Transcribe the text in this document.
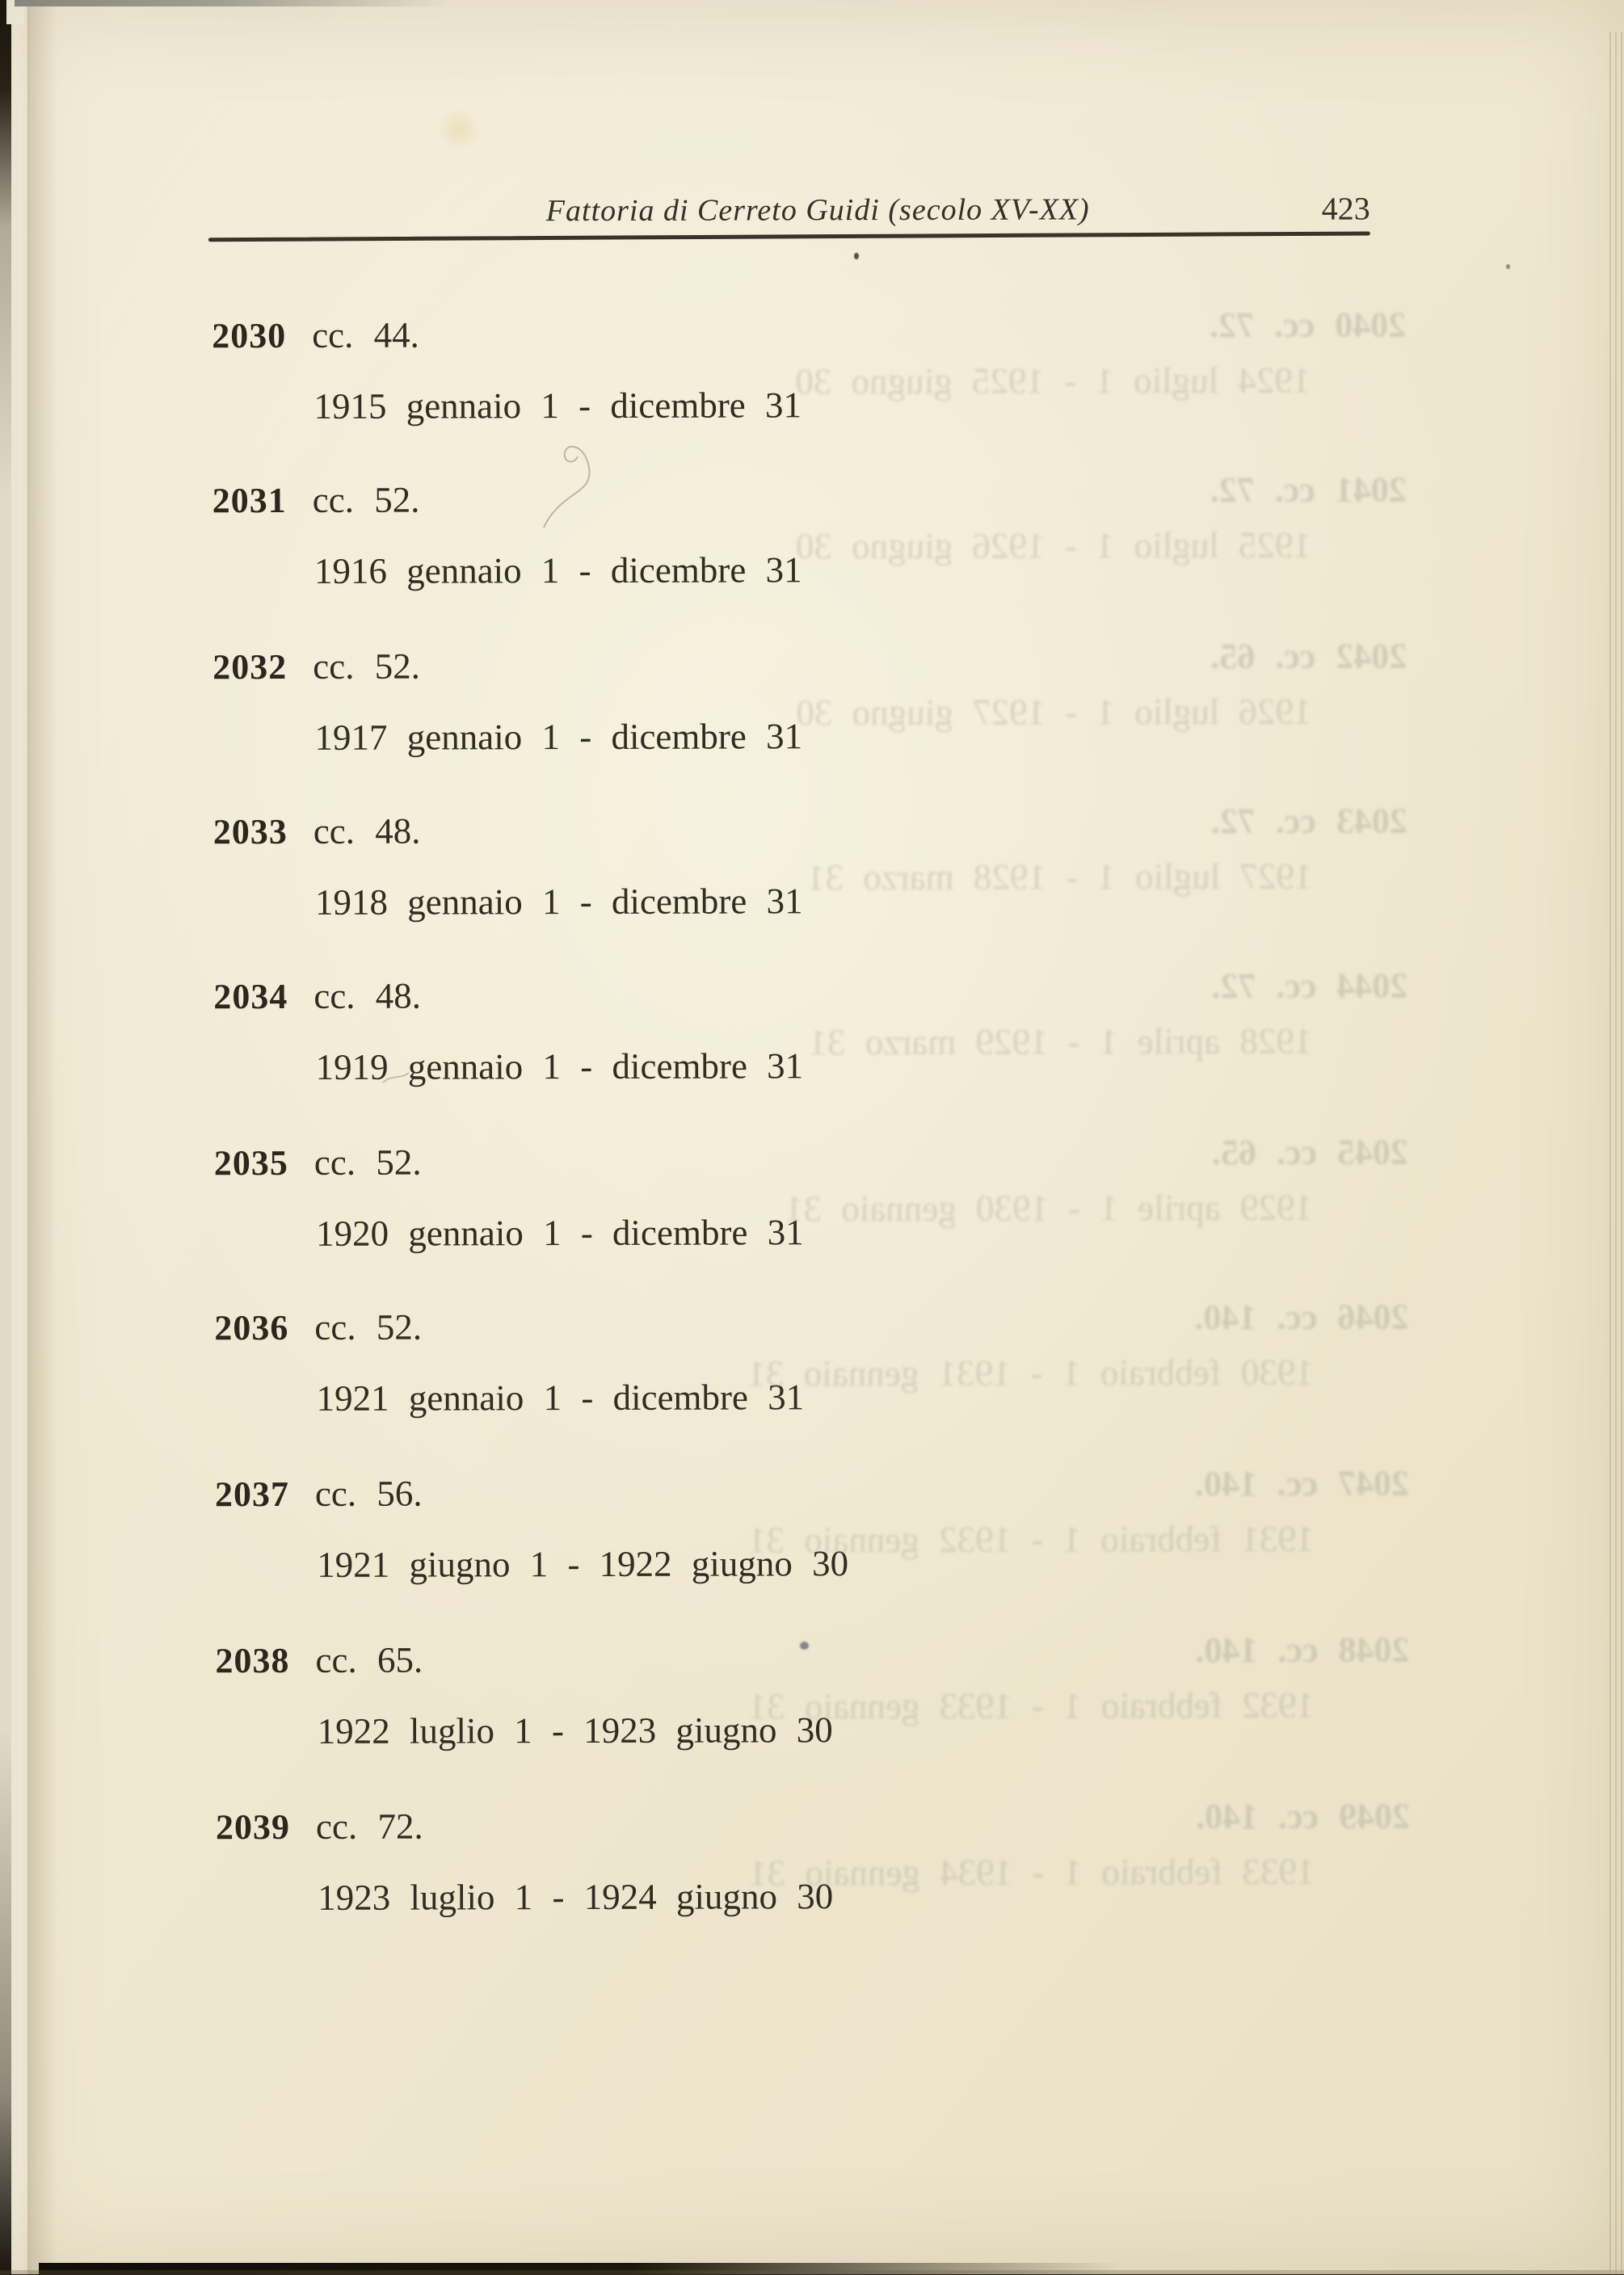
Fattoria di Cerreto Guidi (secolo XV-XX)	423
2030 cc. 44.
1915 gennaio 1 - dicembre 31
2031 cc. 52.
1916 gennaio 1 - dicembre 31
2032 cc. 52.
1917 gennaio 1 - dicembre 31
2033 cc. 48.
1918 gennaio 1 - dicembre 31
2034 cc. 48.
1919 gennaio 1 - dicembre 31
2035 cc. 52.
1920 gennaio 1 - dicembre 31
2036 cc. 52.
1921 gennaio 1 - dicembre 31
2037 cc. 56.
1921 giugno 1 - 1922 giugno 30
2038 cc. 65.
1922 luglio 1 - 1923 giugno 30
2039 cc. 72.
1923 luglio 1 - 1924 giugno 30
2040 cc. 72.
1924 luglio 1 - 1925 giugno 30
2041 cc. 72.
1925 luglio 1 - 1926 giugno 30
2042 cc. 65.
1926 luglio 1 - 1927 giugno 30
2043 cc. 72.
1927 luglio 1 - 1928 marzo 31
2044 cc. 72.
1928 aprile 1 - 1929 marzo 31
2045 cc. 65.
1929 aprile 1 - 1930 gennaio 31
2046 cc. 140.
1930 febbraio 1 - 1931 gennaio 31
2047 cc. 140.
1931 febbraio 1 - 1932 gennaio 31
2048 cc. 140.
1932 febbraio 1 - 1933 gennaio 31
2049 cc. 140.
1933 febbraio 1 - 1934 gennaio 31
